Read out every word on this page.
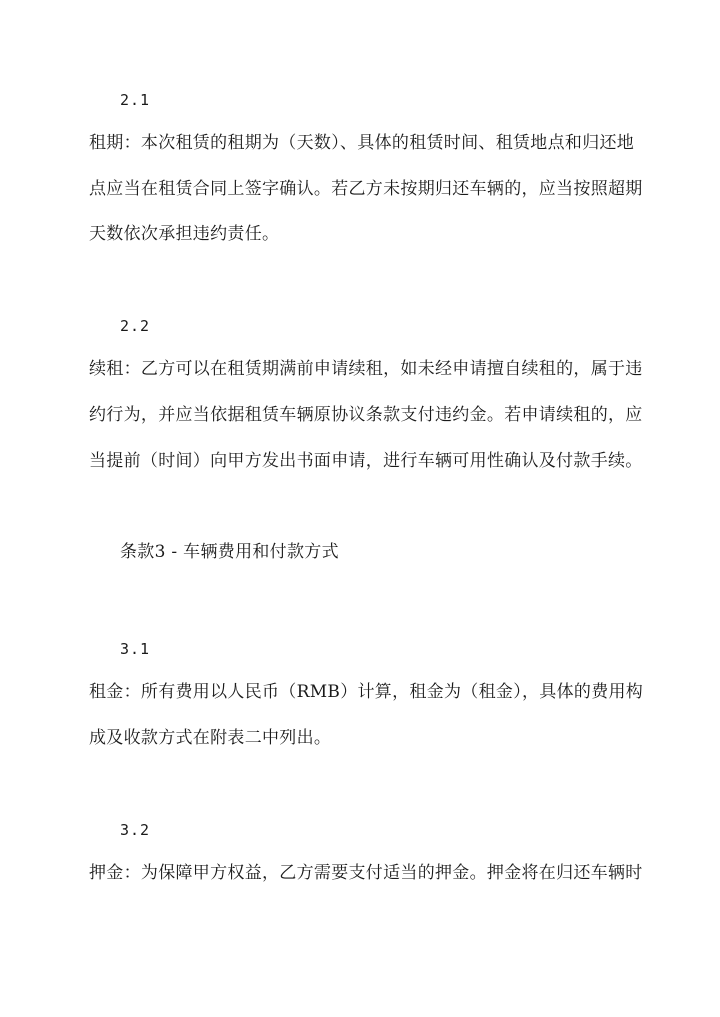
2.1
租期：本次租赁的租期为（天数）、具体的租赁时间、租赁地点和归还地
点应当在租赁合同上签字确认。若乙方未按期归还车辆的，应当按照超期
天数依次承担违约责任。
2.2
续租：乙方可以在租赁期满前申请续租，如未经申请擅自续租的，属于违
约行为，并应当依据租赁车辆原协议条款支付违约金。若申请续租的，应
当提前（时间）向甲方发出书面申请，进行车辆可用性确认及付款手续。
条款3 - 车辆费用和付款方式
3.1
租金：所有费用以人民币（RMB）计算，租金为（租金），具体的费用构
成及收款方式在附表二中列出。
3.2
押金：为保障甲方权益，乙方需要支付适当的押金。押金将在归还车辆时
